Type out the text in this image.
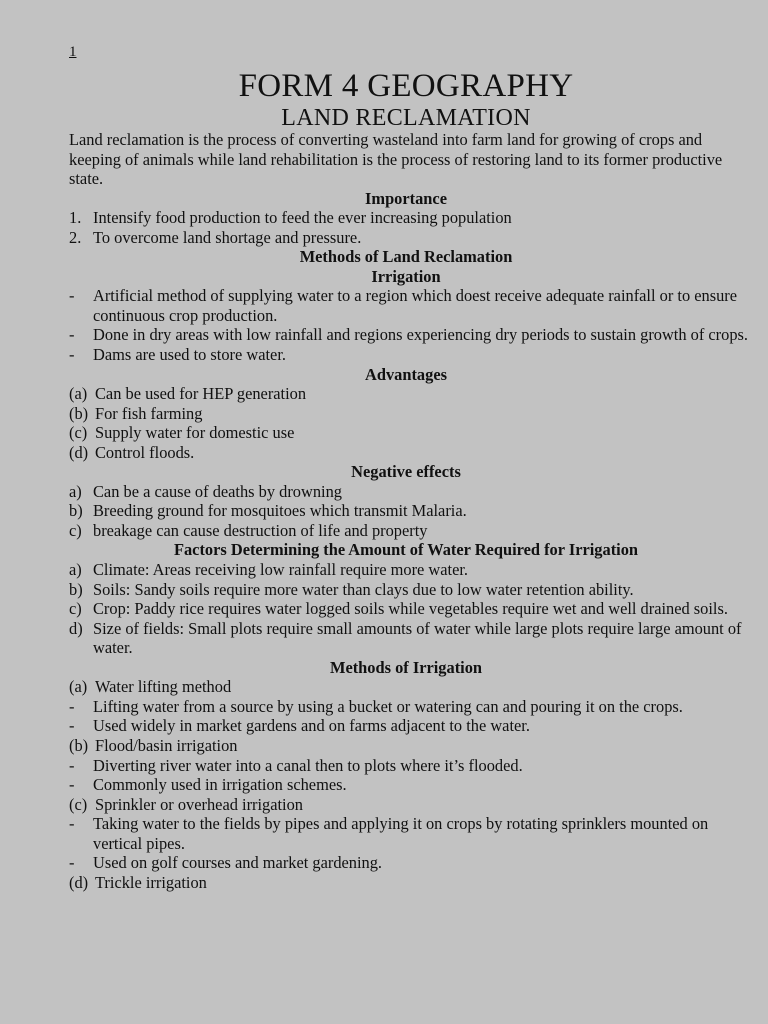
1
FORM 4 GEOGRAPHY
LAND RECLAMATION

Land reclamation is the process of converting wasteland into farm land for growing of crops and keeping of animals while land rehabilitation is the process of restoring land to its former productive state.

Importance

1. Intensify food production to feed the ever increasing population
2. To overcome land shortage and pressure.

Methods of Land Reclamation

Irrigation

-	Artificial method of supplying water to a region which doest receive adequate rainfall or to ensure continuous crop production.
-	Done in dry areas with low rainfall and regions experiencing dry periods to sustain growth of crops.
-	Dams are used to store water.

Advantages

(a) Can be used for HEP generation
(b) For fish farming
(c) Supply water for domestic use
(d) Control floods.

Negative effects

a) Can be a cause of deaths by drowning
b) Breeding ground for mosquitoes which transmit Malaria.
c) breakage can cause destruction of life and property

Factors Determining the Amount of Water Required for Irrigation

a) Climate: Areas receiving low rainfall require more water.
b) Soils: Sandy soils require more water than clays due to low water retention ability.
c) Crop: Paddy rice requires water logged soils while vegetables require wet and well drained soils.
d) Size of fields: Small plots require small amounts of water while large plots require large amount of water.

Methods of Irrigation

(a) Water lifting method
-	Lifting water from a source by using a bucket or watering can and pouring it on the crops.
-	Used widely in market gardens and on farms adjacent to the water.
(b) Flood/basin irrigation
-	Diverting river water into a canal then to plots where it’s flooded.
-	Commonly used in irrigation schemes.
(c) Sprinkler or overhead irrigation
-	Taking water to the fields by pipes and applying it on crops by rotating sprinklers mounted on vertical pipes.
-	Used on golf courses and market gardening.
(d) Trickle irrigation
